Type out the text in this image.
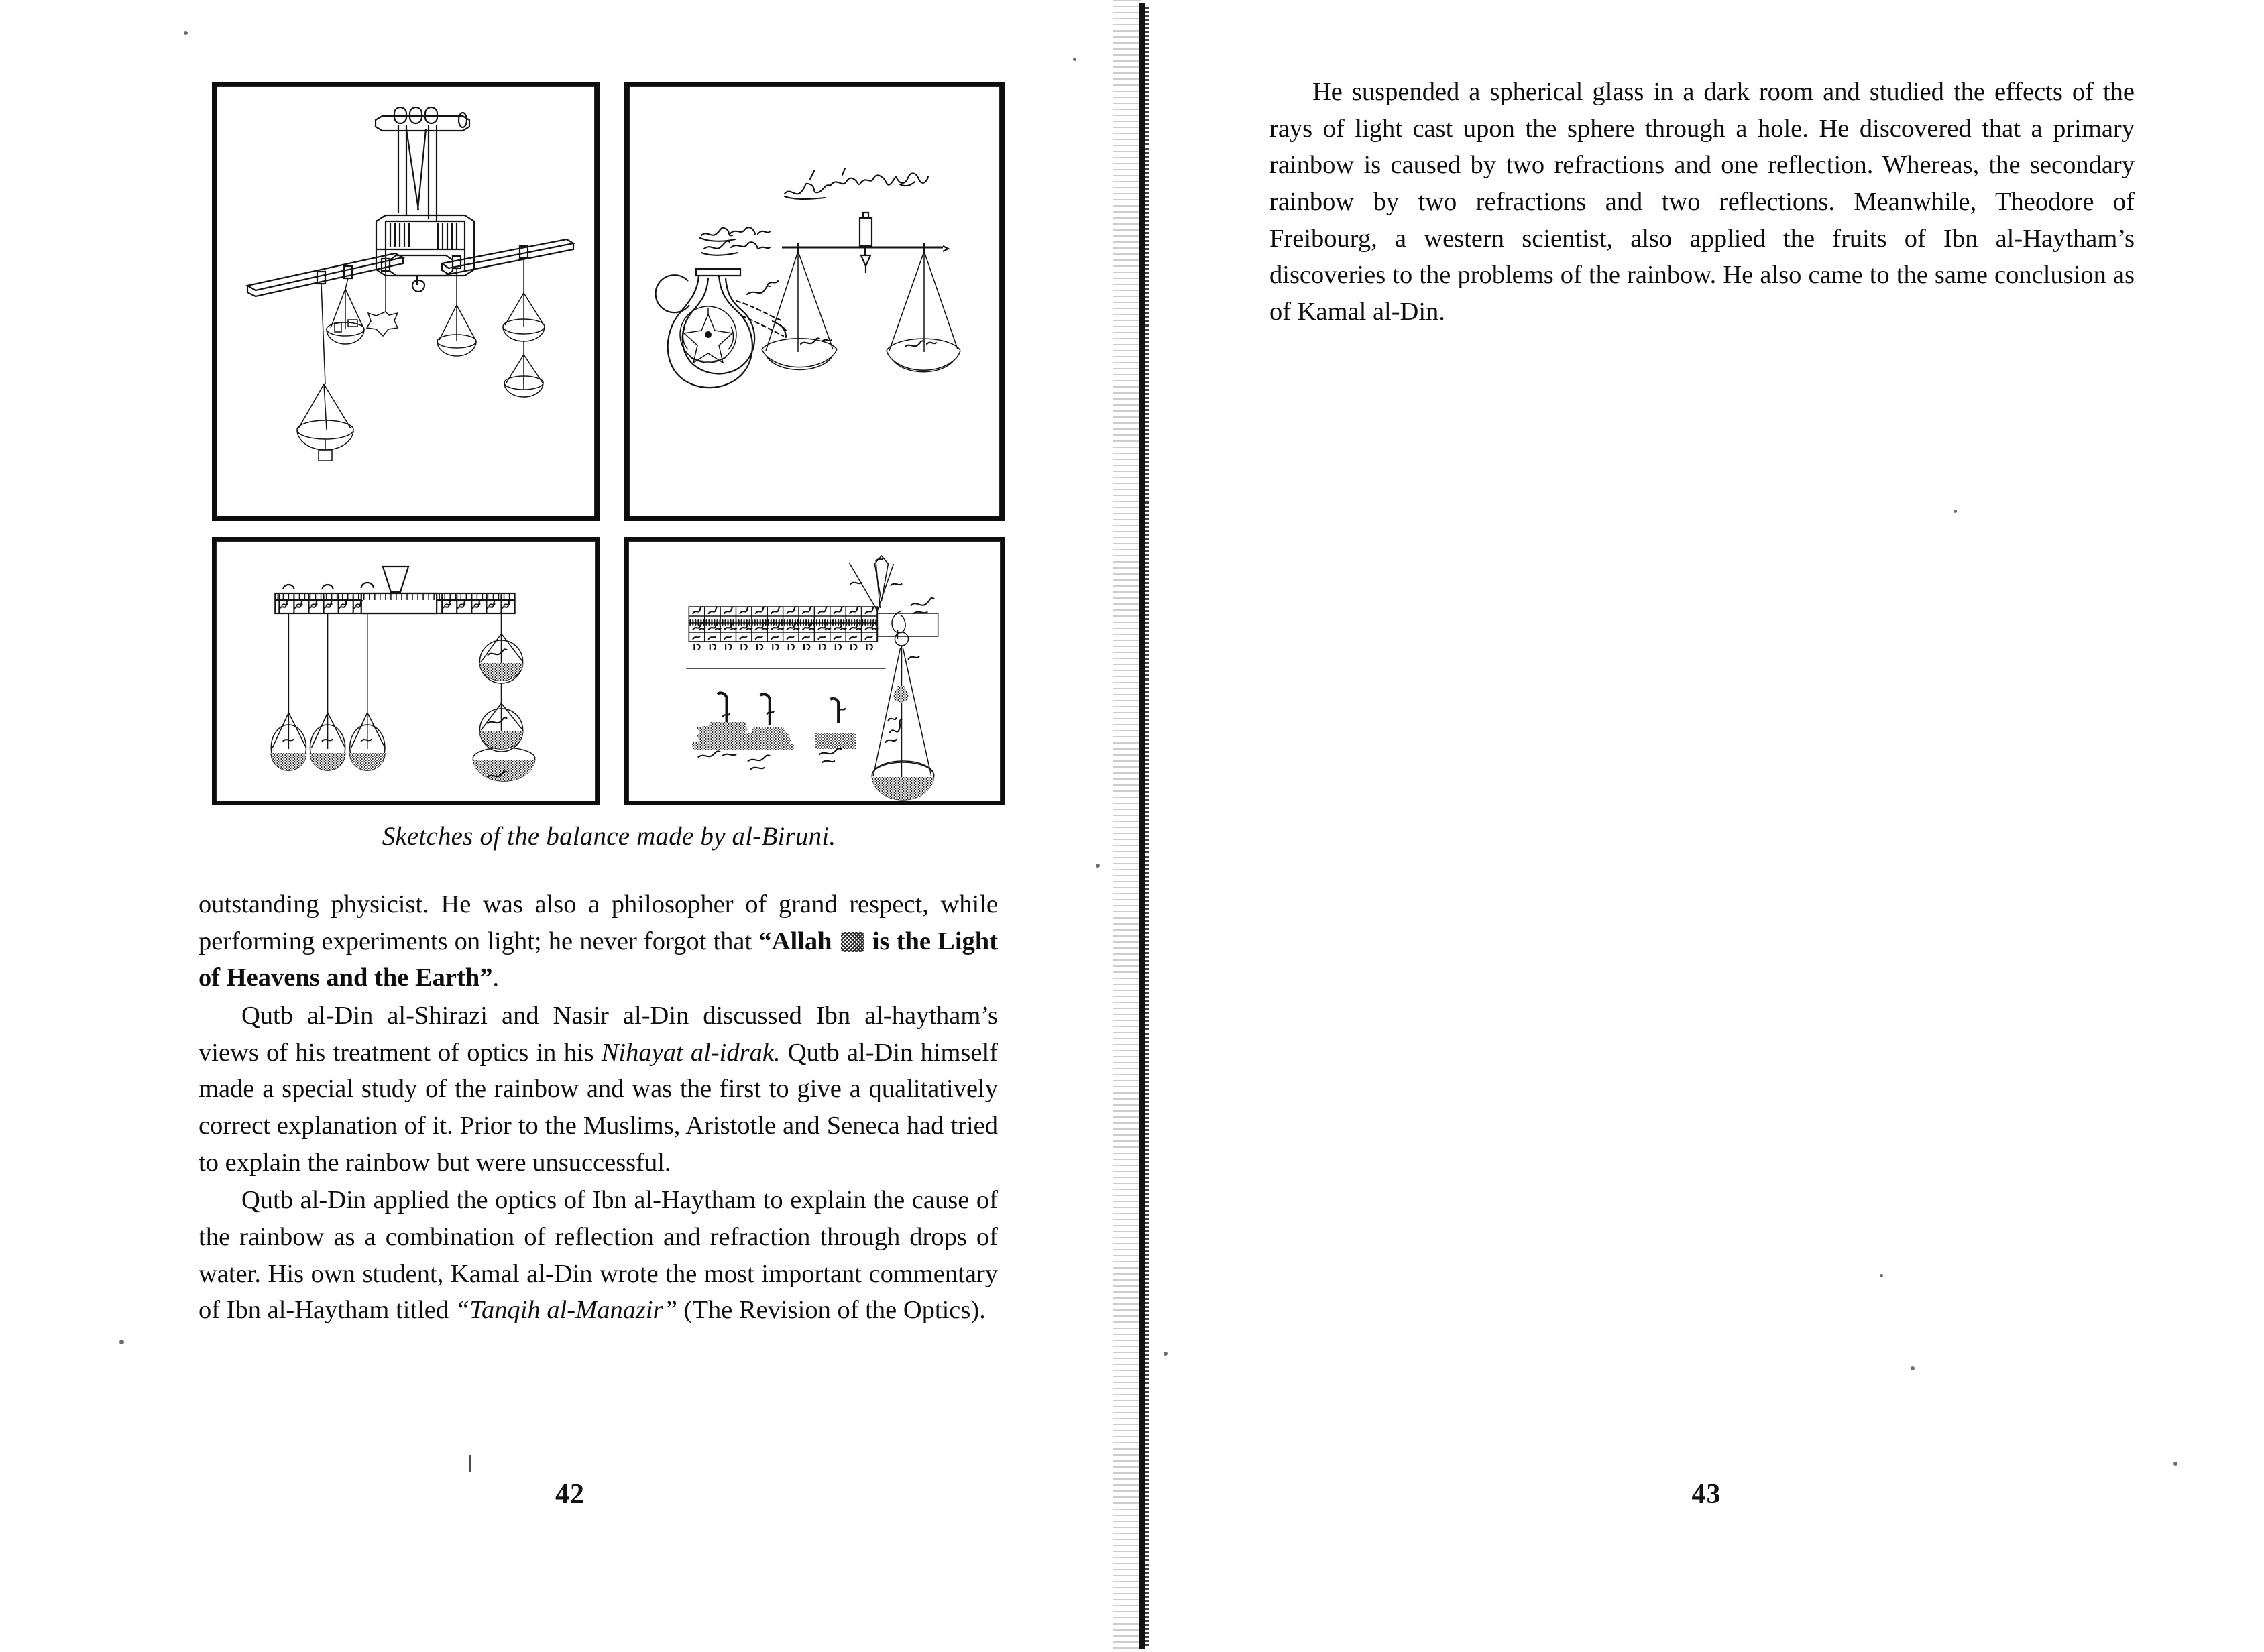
Sketches of the balance made by al-Biruni.

outstanding physicist. He was also a philosopher of grand respect, while performing experiments on light; he never forgot that “Allah  is the Light of Heavens and the Earth”.

Qutb al-Din al-Shirazi and Nasir al-Din discussed Ibn al-haytham’s views of his treatment of optics in his Nihayat al-idrak. Qutb al-Din himself made a special study of the rainbow and was the first to give a qualitatively correct explanation of it. Prior to the Muslims, Aristotle and Seneca had tried to explain the rainbow but were unsuccessful.

Qutb al-Din applied the optics of Ibn al-Haytham to explain the cause of the rainbow as a combination of reflection and refraction through drops of water. His own student, Kamal al-Din wrote the most important commentary of Ibn al-Haytham titled “Tanqih al-Manazir” (The Revision of the Optics).

42

He suspended a spherical glass in a dark room and studied the effects of the rays of light cast upon the sphere through a hole. He discovered that a primary rainbow is caused by two refractions and one reflection. Whereas, the secondary rainbow by two refractions and two reflections. Meanwhile, Theodore of Freibourg, a western scientist, also applied the fruits of Ibn al-Haytham’s discoveries to the problems of the rainbow. He also came to the same conclusion as of Kamal al-Din.

43
